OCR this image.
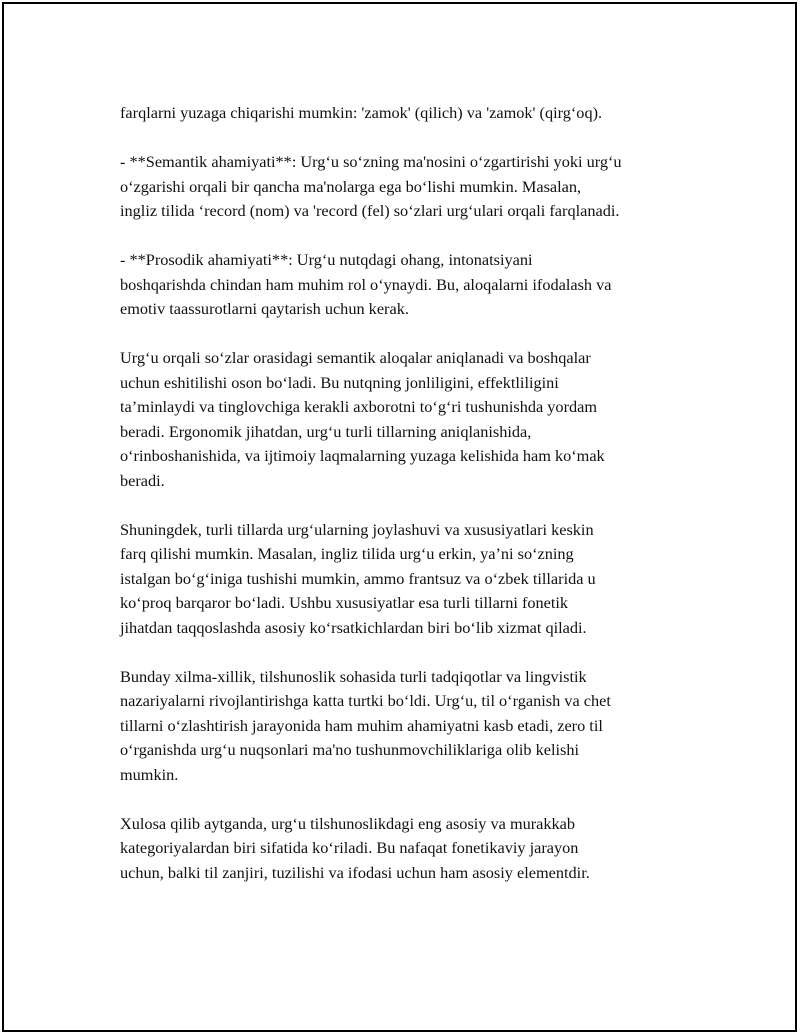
farqlarni yuzaga chiqarishi mumkin: 'zamok' (qilich) va 'zamok' (qirg‘oq).

- **Semantik ahamiyati**: Urg‘u so‘zning ma'nosini o‘zgartirishi yoki urg‘u
o‘zgarishi orqali bir qancha ma'nolarga ega bo‘lishi mumkin. Masalan,
ingliz tilida ‘record (nom) va 'record (fel) so‘zlari urg‘ulari orqali farqlanadi.

- **Prosodik ahamiyati**: Urg‘u nutqdagi ohang, intonatsiyani
boshqarishda chindan ham muhim rol o‘ynaydi. Bu, aloqalarni ifodalash va
emotiv taassurotlarni qaytarish uchun kerak.

Urg‘u orqali so‘zlar orasidagi semantik aloqalar aniqlanadi va boshqalar
uchun eshitilishi oson bo‘ladi. Bu nutqning jonliligini, effektliligini
ta’minlaydi va tinglovchiga kerakli axborotni to‘g‘ri tushunishda yordam
beradi. Ergonomik jihatdan, urg‘u turli tillarning aniqlanishida,
o‘rinboshanishida, va ijtimoiy laqmalarning yuzaga kelishida ham ko‘mak
beradi.

Shuningdek, turli tillarda urg‘ularning joylashuvi va xususiyatlari keskin
farq qilishi mumkin. Masalan, ingliz tilida urg‘u erkin, ya’ni so‘zning
istalgan bo‘g‘iniga tushishi mumkin, ammo frantsuz va o‘zbek tillarida u
ko‘proq barqaror bo‘ladi. Ushbu xususiyatlar esa turli tillarni fonetik
jihatdan taqqoslashda asosiy ko‘rsatkichlardan biri bo‘lib xizmat qiladi.

Bunday xilma-xillik, tilshunoslik sohasida turli tadqiqotlar va lingvistik
nazariyalarni rivojlantirishga katta turtki bo‘ldi. Urg‘u, til o‘rganish va chet
tillarni o‘zlashtirish jarayonida ham muhim ahamiyatni kasb etadi, zero til
o‘rganishda urg‘u nuqsonlari ma'no tushunmovchiliklariga olib kelishi
mumkin.

Xulosa qilib aytganda, urg‘u tilshunoslikdagi eng asosiy va murakkab
kategoriyalardan biri sifatida ko‘riladi. Bu nafaqat fonetikaviy jarayon
uchun, balki til zanjiri, tuzilishi va ifodasi uchun ham asosiy elementdir.
